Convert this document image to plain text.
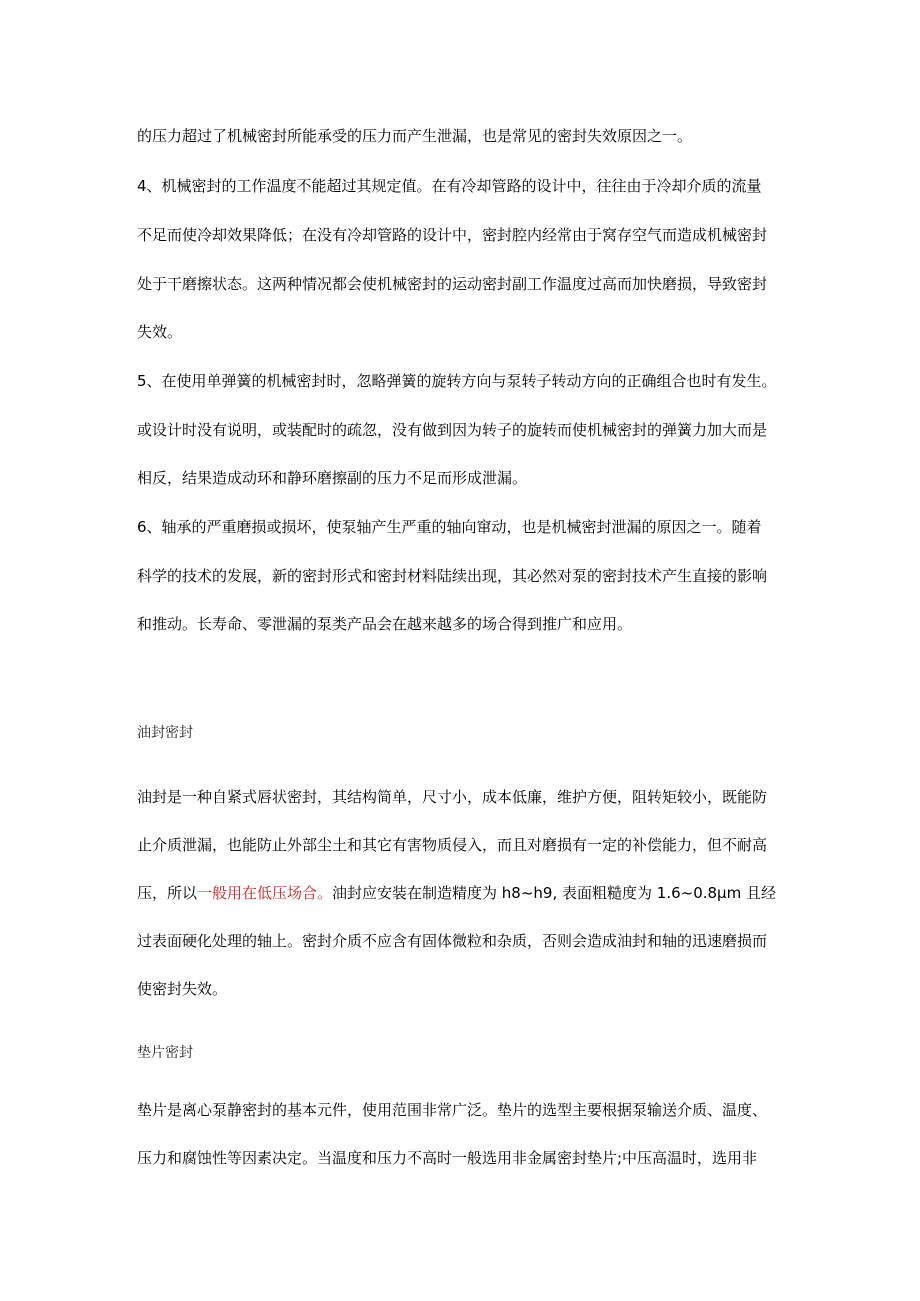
的压力超过了机械密封所能承受的压力而产生泄漏，也是常见的密封失效原因之一。
4、机械密封的工作温度不能超过其规定值。在有冷却管路的设计中，往往由于冷却介质的流量
不足而使冷却效果降低；在没有冷却管路的设计中，密封腔内经常由于窝存空气而造成机械密封
处于干磨擦状态。这两种情况都会使机械密封的运动密封副工作温度过高而加快磨损，导致密封
失效。
5、在使用单弹簧的机械密封时，忽略弹簧的旋转方向与泵转子转动方向的正确组合也时有发生。
或设计时没有说明，或装配时的疏忽，没有做到因为转子的旋转而使机械密封的弹簧力加大而是
相反，结果造成动环和静环磨擦副的压力不足而形成泄漏。
6、轴承的严重磨损或损坏，使泵轴产生严重的轴向窜动，也是机械密封泄漏的原因之一。随着
科学的技术的发展，新的密封形式和密封材料陆续出现，其必然对泵的密封技术产生直接的影响
和推动。长寿命、零泄漏的泵类产品会在越来越多的场合得到推广和应用。
油封密封
油封是一种自紧式唇状密封，其结构简单，尺寸小，成本低廉，维护方便，阻转矩较小，既能防
止介质泄漏，也能防止外部尘土和其它有害物质侵入，而且对磨损有一定的补偿能力，但不耐高
压，所以一般用在低压场合。油封应安装在制造精度为 h8~h9, 表面粗糙度为 1.6~0.8μm 且经
过表面硬化处理的轴上。密封介质不应含有固体微粒和杂质，否则会造成油封和轴的迅速磨损而
使密封失效。
垫片密封
垫片是离心泵静密封的基本元件，使用范围非常广泛。垫片的选型主要根据泵输送介质、温度、
压力和腐蚀性等因素决定。当温度和压力不高时一般选用非金属密封垫片;中压高温时，选用非
